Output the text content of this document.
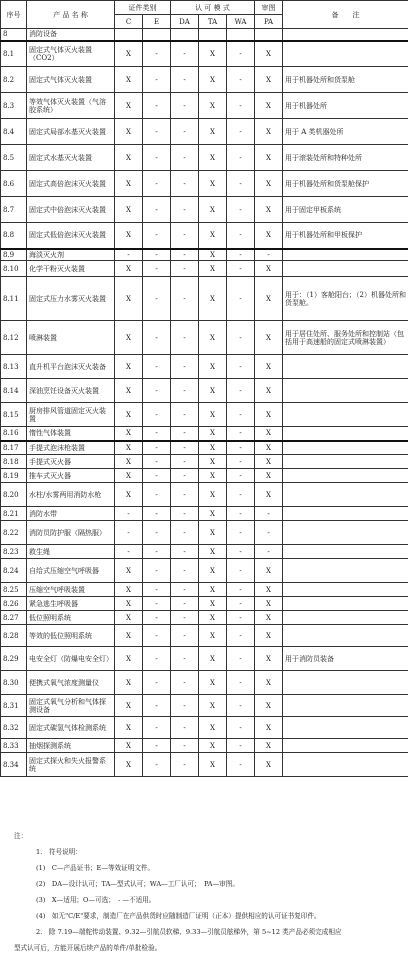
序号	产 品 名 称	证件类别		认 可 模 式			审图	备　　注
		C	E	DA	TA	WA	PA	
8	消防设备							
8.1	固定式气体灭火装置（CO2）	X	-	-	X	-	X	
8.2	固定式气体灭火装置	X	-	-	X	-	X	用于机器处所和货泵舱
8.3	等效气体灭火装置（气溶胶系统）	X	-	-	X	-	X	用于机器处所
8.4	固定式局部水基灭火装置	X	-	-	X	-	X	用于 A 类机器处所
8.5	固定式水基灭火装置	X	-	-	X	-	X	用于滚装处所和特种处所
8.6	固定式高倍泡沫灭火装置	X	-	-	X	-	X	用于机器处所和货泵舱保护
8.7	固定式中倍泡沫灭火装置	X	-	-	X	-	X	用于固定甲板系统
8.8	固定式低倍泡沫灭火装置	X	-	-	X	-	X	用于机器处所和甲板保护
8.9	海淡灭火剂	-	-	-	X	-	-	
8.10	化学干粉灭火装置	X	-	-	X	-	X	
8.11	固定式压力水雾灭火装置	X	-	-	X	-	X	用于：（1）客舱阳台；（2）机器处所和货泵舱。
8.12	喷淋装置	X	-	-	X	-	X	用于居住处所、服务处所和控制站（包括用于高速船的固定式喷淋装置）
8.13	直升机平台泡沫灭火装备	X	-	-	X	-	X	
8.14	深油烹饪设备灭火装置	X	-	-	X	-	X	
8.15	厨房排风管道固定灭火装置	X	-	-	X	-	X	
8.16	惰性气体装置	X	-	-	X	-	X	
8.17	手提式泡沫枪装置	X	-	-	X	-	X	
8.18	手提式灭火器	X	-	-	X	-	X	
8.19	推车式灭火器	X	-	-	X	-	X	
8.20	水柱/水雾两用消防水枪	X	-	-	X	-	X	
8.21	消防水带	-	-	-	X	-	-	
8.22	消防员防护服（隔热服）	-	-	-	X	-	-	
8.23	救生绳	-	-	-	X	-	-	
8.24	自给式压缩空气呼吸器	X	-	-	X	-	X	
8.25	压缩空气呼吸装置	X	-	-	X	-	X	
8.26	紧急逃生呼吸器	X	-	-	X	-	X	
8.27	低位照明系统	X	-	-	X	-	X	
8.28	等效的低位照明系统	X	-	-	X	-	X	
8.29	电安全灯（防爆电安全灯）	X	-	-	X	-	X	用于消防员装备
8.30	便携式氧气浓度测量仪	X	-	-	X	-	X	
8.31	固定式氧气分析和气体探测设备	X	-	-	X	-	X	
8.32	固定式碳氢气体检测系统	X	-	-	X	-	X	
8.33	抽烟探测系统	X	-	-	X	-	X	
8.34	固定式探火和失火报警系统	X	-	-	X	-	X	

注：

1.　符号说明：

(1)　C—产品证书；E—等效证明文件。

(2)　DA—设计认可；TA—型式认可；WA—工厂认可；　PA—审图。

(3)　X—适用；O—可选；　- —不适用。

(4)　如无"C/E"要求，制造厂在产品供货时应随制造厂证明（正本）提供相应的认可证书复印件。

2.　除 7.19—端舵传动装置、9.32—引航员软梯、9.33—引航员舷梯外，第 5~12 类产品必须完成相应

型式认可后，方能开展后续产品的单件/单批检验。
